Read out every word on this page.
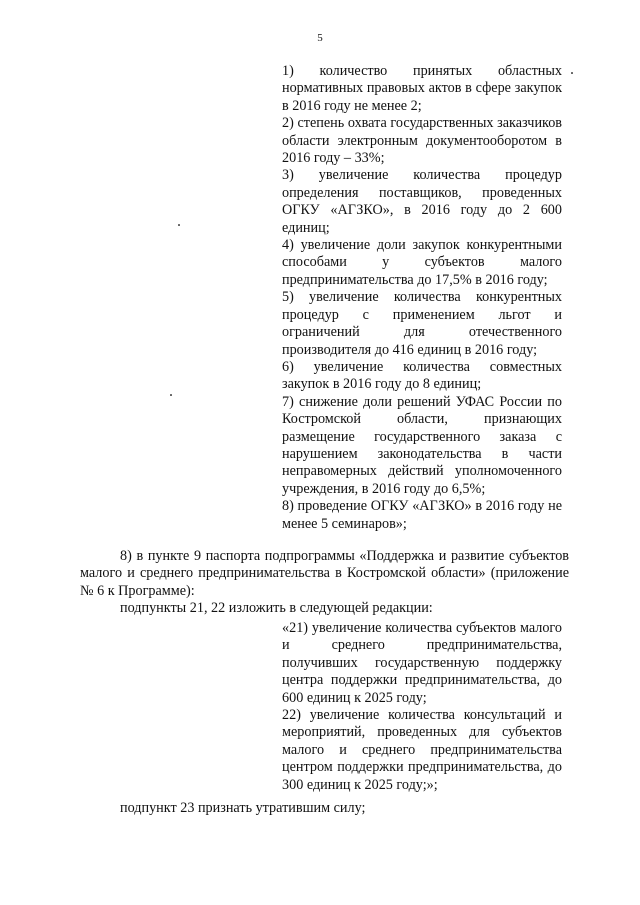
5

1) количество принятых областных нормативных правовых актов в сфере закупок в 2016 году не менее 2;

2) степень охвата государственных заказчиков области электронным документооборотом в 2016 году – 33%;

3) увеличение количества процедур определения поставщиков, проведенных ОГКУ «АГЗКО», в 2016 году до 2 600 единиц;

4) увеличение доли закупок конкурентными способами у субъектов малого предпринимательства до 17,5% в 2016 году;

5) увеличение количества конкурентных процедур с применением льгот и ограничений для отечественного производителя до 416 единиц в 2016 году;

6) увеличение количества совместных закупок в 2016 году до 8 единиц;

7) снижение доли решений УФАС России по Костромской области, признающих размещение государственного заказа с нарушением законодательства в части неправомерных действий уполномоченного учреждения, в 2016 году до 6,5%;

8) проведение ОГКУ «АГЗКО» в 2016 году не менее 5 семинаров»;

8) в пункте 9 паспорта подпрограммы «Поддержка и развитие субъектов малого и среднего предпринимательства в Костромской области» (приложение № 6 к Программе):

подпункты 21, 22 изложить в следующей редакции:

«21) увеличение количества субъектов малого и среднего предпринимательства, получивших государственную поддержку центра поддержки предпринимательства, до 600 единиц к 2025 году;

22) увеличение количества консультаций и мероприятий, проведенных для субъектов малого и среднего предпринимательства центром поддержки предпринимательства, до 300 единиц к 2025 году;»;

подпункт 23 признать утратившим силу;
